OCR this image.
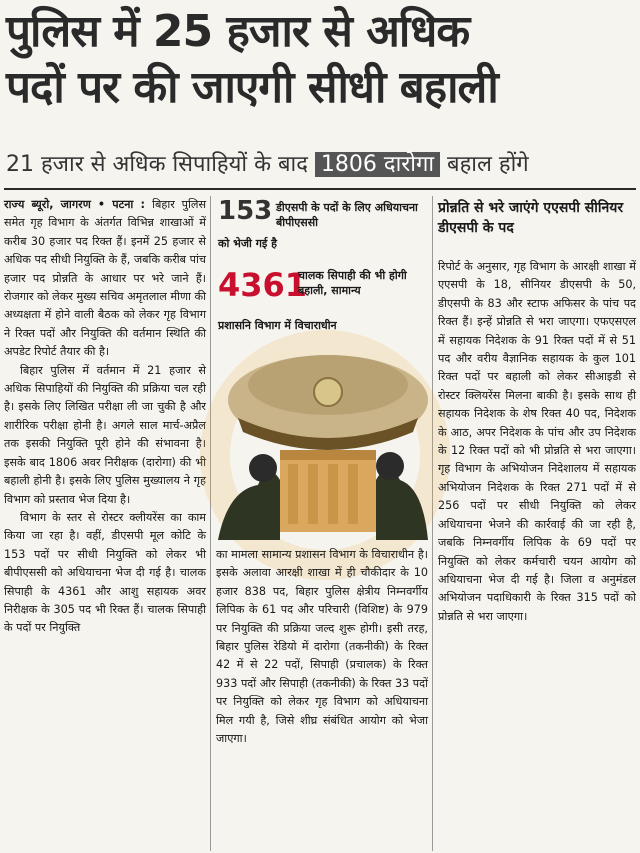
पुलिस में 25 हजार से अधिक
पदों पर की जाएगी सीधी बहाली
21 हजार से अधिक सिपाहियों के बाद 1806 दारोगा बहाल होंगे

राज्य ब्यूरो, जागरण • पटना : बिहार पुलिस समेत गृह विभाग के अंतर्गत विभिन्न शाखाओं में करीब 30 हजार पद रिक्त हैं। इनमें 25 हजार से अधिक पद सीधी नियुक्ति के हैं, जबकि करीब पांच हजार पद प्रोन्नति के आधार पर भरे जाने हैं। रोजगार को लेकर मुख्य सचिव अमृतलाल मीणा की अध्यक्षता में होने वाली बैठक को लेकर गृह विभाग ने रिक्त पदों और नियुक्ति की वर्तमान स्थिति की अपडेट रिपोर्ट तैयार की है।

बिहार पुलिस में वर्तमान में 21 हजार से अधिक सिपाहियों की नियुक्ति की प्रक्रिया चल रही है। इसके लिए लिखित परीक्षा ली जा चुकी है और शारीरिक परीक्षा होनी है। अगले साल मार्च-अप्रैल तक इसकी नियुक्ति पूरी होने की संभावना है। इसके बाद 1806 अवर निरीक्षक (दारोगा) की भी बहाली होनी है। इसके लिए पुलिस मुख्यालय ने गृह विभाग को प्रस्ताव भेज दिया है।

विभाग के स्तर से रोस्टर क्लीयरेंस का काम किया जा रहा है। वहीं, डीएसपी मूल कोटि के 153 पदों पर सीधी नियुक्ति को लेकर भी बीपीएससी को अधियाचना भेज दी गई है। चालक सिपाही के 4361 और आशु सहायक अवर निरीक्षक के 305 पद भी रिक्त हैं। चालक सिपाही के पदों पर नियुक्ति

153 डीएसपी के पदों के लिए अधियाचना बीपीएससी
को भेजी गई है
4361
चालक सिपाही की भी होगी बहाली, सामान्य
प्रशासनि विभाग में विचाराधीन

का मामला सामान्य प्रशासन विभाग के विचाराधीन है। इसके अलावा आरक्षी शाखा में ही चौकीदार के 10 हजार 838 पद, बिहार पुलिस क्षेत्रीय निम्नवर्गीय लिपिक के 61 पद और परिचारी (विशिष्ट) के 979 पर नियुक्ति की प्रक्रिया जल्द शुरू होगी। इसी तरह, बिहार पुलिस रेडियो में दारोगा (तकनीकी) के रिक्त 42 में से 22 पदों, सिपाही (प्रचालक) के रिक्त 933 पदों और सिपाही (तकनीकी) के रिक्त 33 पदों पर नियुक्ति को लेकर गृह विभाग को अधियाचना मिल गयी है, जिसे शीघ्र संबंधित आयोग को भेजा जाएगा।

प्रोन्नति से भरे जाएंगे एएसपी सीनियर डीएसपी के पद

रिपोर्ट के अनुसार, गृह विभाग के आरक्षी शाखा में एएसपी के 18, सीनियर डीएसपी के 50, डीएसपी के 83 और स्टाफ अफिसर के पांच पद रिक्त हैं। इन्हें प्रोन्नति से भरा जाएगा। एफएसएल में सहायक निदेशक के 91 रिक्त पदों में से 51 पद और वरीय वैज्ञानिक सहायक के कुल 101 रिक्त पदों पर बहाली को लेकर सीआइडी से रोस्टर क्लियरेंस मिलना बाकी है। इसके साथ ही सहायक निदेशक के शेष रिक्त 40 पद, निदेशक के आठ, अपर निदेशक के पांच और उप निदेशक के 12 रिक्त पदों को भी प्रोन्नति से भरा जाएगा। गृह विभाग के अभियोजन निदेशालय में सहायक अभियोजन निदेशक के रिक्त 271 पदों में से 256 पदों पर सीधी नियुक्ति को लेकर अधियाचना भेजने की कार्रवाई की जा रही है, जबकि निम्नवर्गीय लिपिक के 69 पदों पर नियुक्ति को लेकर कर्मचारी चयन आयोग को अधियाचना भेज दी गई है। जिला व अनुमंडल अभियोजन पदाधिकारी के रिक्त 315 पदों को प्रोन्नति से भरा जाएगा।
